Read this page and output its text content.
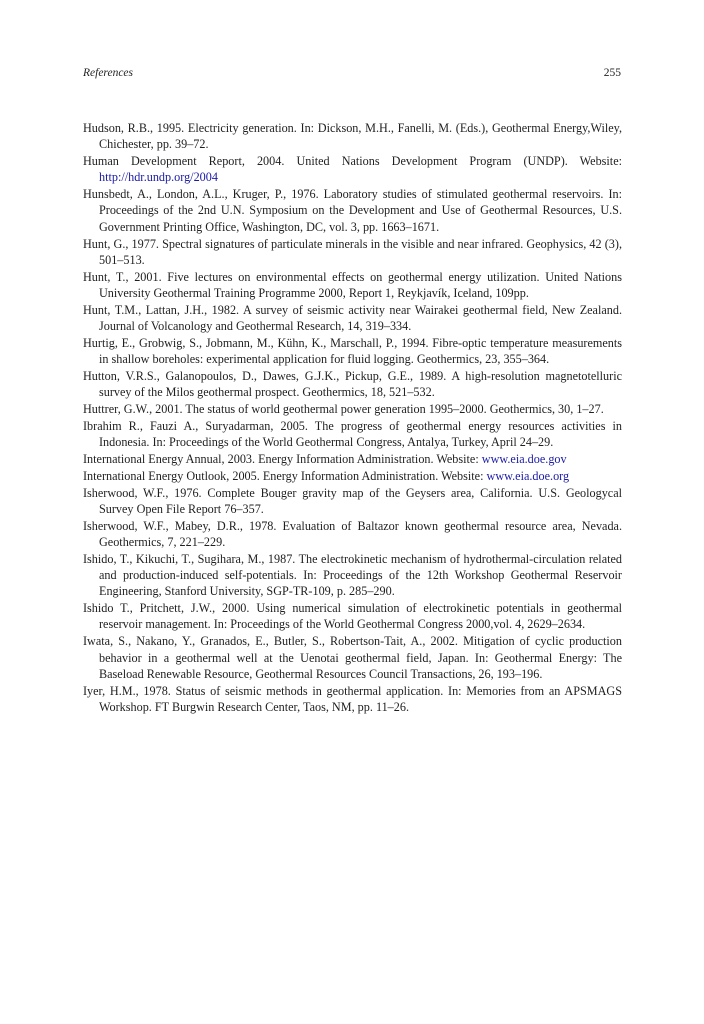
References	255
Hudson, R.B., 1995. Electricity generation. In: Dickson, M.H., Fanelli, M. (Eds.), Geothermal Energy,Wiley, Chichester, pp. 39–72.
Human Development Report, 2004. United Nations Development Program (UNDP). Website: http://hdr.undp.org/2004
Hunsbedt, A., London, A.L., Kruger, P., 1976. Laboratory studies of stimulated geothermal reservoirs. In: Proceedings of the 2nd U.N. Symposium on the Development and Use of Geothermal Resources, U.S. Government Printing Office, Washington, DC, vol. 3, pp. 1663–1671.
Hunt, G., 1977. Spectral signatures of particulate minerals in the visible and near infrared. Geophysics, 42 (3), 501–513.
Hunt, T., 2001. Five lectures on environmental effects on geothermal energy utilization. United Nations University Geothermal Training Programme 2000, Report 1, Reykjavík, Iceland, 109pp.
Hunt, T.M., Lattan, J.H., 1982. A survey of seismic activity near Wairakei geothermal field, New Zealand. Journal of Volcanology and Geothermal Research, 14, 319–334.
Hurtig, E., Grobwig, S., Jobmann, M., Kühn, K., Marschall, P., 1994. Fibre-optic temperature measurements in shallow boreholes: experimental application for fluid logging. Geothermics, 23, 355–364.
Hutton, V.R.S., Galanopoulos, D., Dawes, G.J.K., Pickup, G.E., 1989. A high-resolution magnetotelluric survey of the Milos geothermal prospect. Geothermics, 18, 521–532.
Huttrer, G.W., 2001. The status of world geothermal power generation 1995–2000. Geothermics, 30, 1–27.
Ibrahim R., Fauzi A., Suryadarman, 2005. The progress of geothermal energy resources activities in Indonesia. In: Proceedings of the World Geothermal Congress, Antalya, Turkey, April 24–29.
International Energy Annual, 2003. Energy Information Administration. Website: www.eia.doe.gov
International Energy Outlook, 2005. Energy Information Administration. Website: www.eia.doe.org
Isherwood, W.F., 1976. Complete Bouger gravity map of the Geysers area, California. U.S. Geologycal Survey Open File Report 76–357.
Isherwood, W.F., Mabey, D.R., 1978. Evaluation of Baltazor known geothermal resource area, Nevada. Geothermics, 7, 221–229.
Ishido, T., Kikuchi, T., Sugihara, M., 1987. The electrokinetic mechanism of hydrothermal-circulation related and production-induced self-potentials. In: Proceedings of the 12th Workshop Geothermal Reservoir Engineering, Stanford University, SGP-TR-109, p. 285–290.
Ishido T., Pritchett, J.W., 2000. Using numerical simulation of electrokinetic potentials in geothermal reservoir management. In: Proceedings of the World Geothermal Congress 2000,vol. 4, 2629–2634.
Iwata, S., Nakano, Y., Granados, E., Butler, S., Robertson-Tait, A., 2002. Mitigation of cyclic production behavior in a geothermal well at the Uenotai geothermal field, Japan. In: Geothermal Energy: The Baseload Renewable Resource, Geothermal Resources Council Transactions, 26, 193–196.
Iyer, H.M., 1978. Status of seismic methods in geothermal application. In: Memories from an APSMAGS Workshop. FT Burgwin Research Center, Taos, NM, pp. 11–26.
